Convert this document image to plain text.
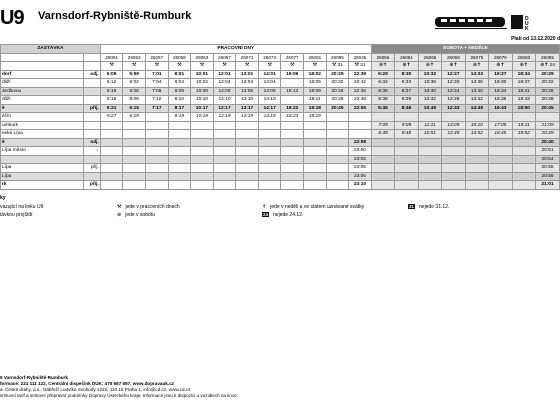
U9 Varnsdorf-Rybniště-Rumburk	D
U
K
Platí od 13.12.2020 d
ZASTÁVKA		PRACOVNÍ DNY												SOBOTA + NEDĚLE							
		26051	26053	26057	26059	26063	26067	26071	26073	26077	26081	26085	26045	26055	26061	26065	26069	26075	26079	26083	26085
		⚒	⚒	⚒	⚒	⚒	⚒	⚒	⚒	⚒	⚒	⚒ 31	⚒ 31	⊕✝	⊕✝	⊕✝	⊕✝	⊕✝	⊕✝	⊕✝	⊕✝ 24
dorf	odj.	5:09	5:59	7:01	8:01	10:01	12:01	13:01	14:01	16:06	18:02	20:29	22:39	6:29	8:30	10:33	12:27	14:33	16:27	18:34	20:29
dliží		5:12	6:02	7:04	8:04	10:04	12:04	13:04	14:04		18:05	20:32	22:42	6:32	8:33	10:36	12:30	14:36	16:30	18:37	20:32
Jedlovou		5:16	6:06	7:08	8:08	10:08	12:08	13:08	14:08	16:13	18:09	20:36	22:46	6:36	8:37	10:40	12:34	14:40	16:34	18:41	20:36
dliží		5:18	6:08	7:10	8:10	10:10	12:10	13:10	14:10		18:11	20:38	22:48	6:38	8:39	10:42	12:36	14:42	16:36	18:43	20:38
ě	příj.	5:21	6:15	7:17	8:17	10:17	12:17	13:17	14:17	16:22	18:18	20:45	22:55	6:45	8:46	10:49	12:43	14:49	16:43	18:50	20:45
ěčín		5:27	6:19		8:19	10:19	12:19	13:19	14:18	16:23	18:19										
umburk														7:09	9:09	11:11	13:09	15:10	17:09	19:11	21:09
eská Lípa														6:49	8:48	10:51	12:49	14:52	16:45	18:52	20:49
ě	odj.												22:58								20:40
Lípa město	↓												23:00								20:51
													23:03								20:54
Lípa	příj.												23:05								20:55
Lípa													23:05								20:55
rk	příj.												23:10								21:01
ky
vazující na linku U9
távkou projíždí
⚒ jede v pracovních dnech
⊕ jede v sobotu
✝ jede v neděli a ve státem uznávané svátky
24 nejede 24.12.
31 nejede 31.12.
9 Varnsdorf-Rybniště-Rumburk
formace: 221 111 122, Centrální dispečink DÚK: 475 657 657, www.dopravauk.cz
a: České dráhy, a.s., Nábřeží Ludvíka Svobody 1222, 110 15 Praha 1, info@cd.cz, www.cd.cz
smluvní tarif a smluvní přepravní podmínky Dopravy Ústeckého kraje. Informace jsou k dispozici u vozidlech na lince.
